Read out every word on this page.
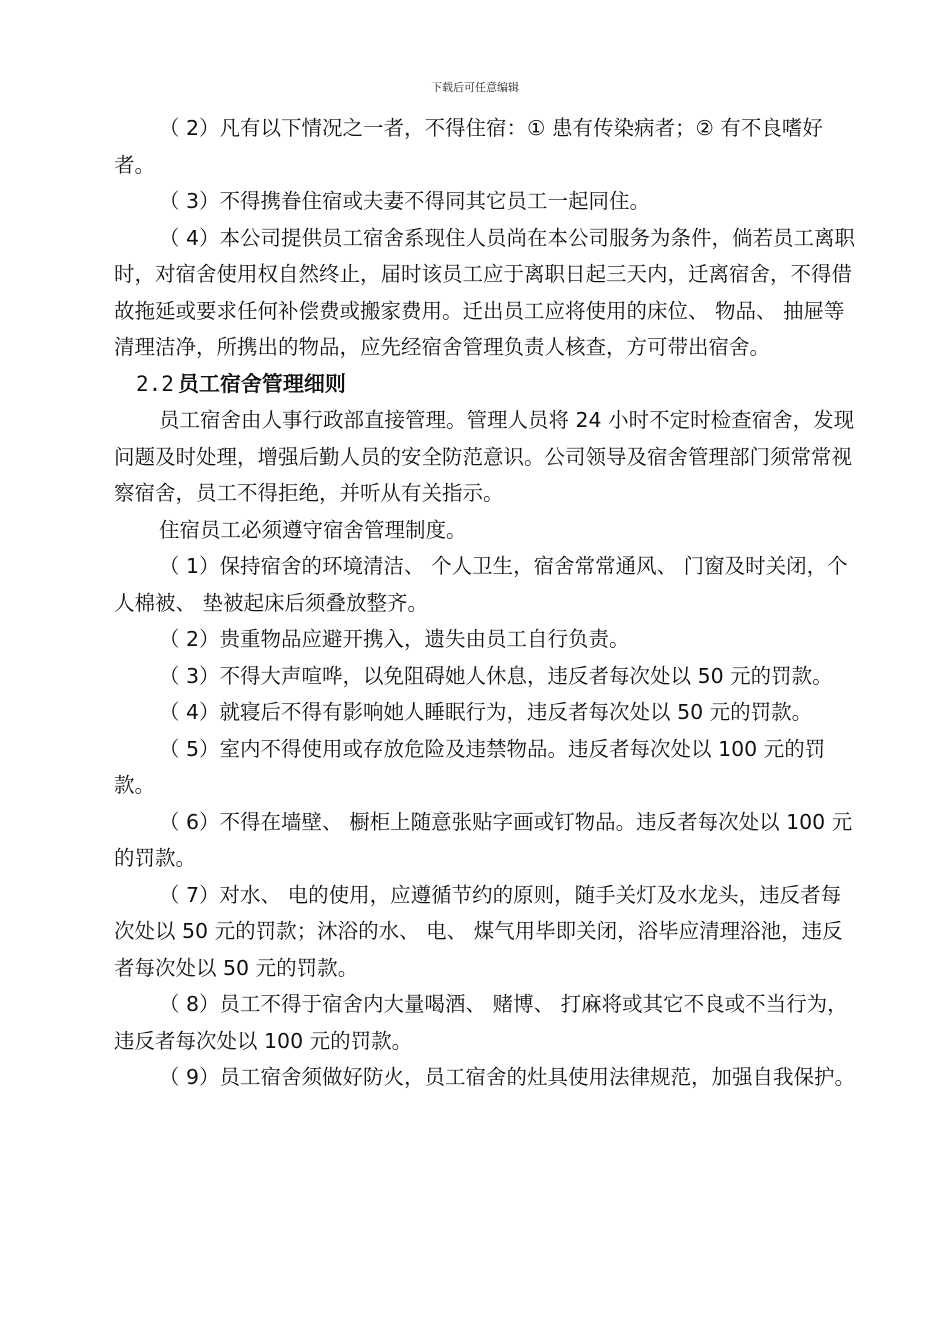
下载后可任意编辑

（ 2）凡有以下情况之一者，不得住宿：① 患有传染病者；② 有不良嗜好者。

（ 3）不得携眷住宿或夫妻不得同其它员工一起同住。

（ 4）本公司提供员工宿舍系现住人员尚在本公司服务为条件，倘若员工离职时，对宿舍使用权自然终止，届时该员工应于离职日起三天内，迁离宿舍，不得借故拖延或要求任何补偿费或搬家费用。迁出员工应将使用的床位、 物品、 抽屉等清理洁净，所携出的物品，应先经宿舍管理负责人核查，方可带出宿舍。

2.2 员工宿舍管理细则

员工宿舍由人事行政部直接管理。管理人员将 24 小时不定时检查宿舍，发现问题及时处理，增强后勤人员的安全防范意识。公司领导及宿舍管理部门须常常视察宿舍，员工不得拒绝，并听从有关指示。

住宿员工必须遵守宿舍管理制度。

（ 1）保持宿舍的环境清洁、 个人卫生，宿舍常常通风、 门窗及时关闭，个人棉被、 垫被起床后须叠放整齐。

（ 2）贵重物品应避开携入，遗失由员工自行负责。

（ 3）不得大声喧哗，以免阻碍她人休息，违反者每次处以 50 元的罚款。

（ 4）就寝后不得有影响她人睡眠行为，违反者每次处以 50 元的罚款。

（ 5）室内不得使用或存放危险及违禁物品。违反者每次处以 100 元的罚款。

（ 6）不得在墙壁、 橱柜上随意张贴字画或钉物品。违反者每次处以 100 元的罚款。

（ 7）对水、 电的使用，应遵循节约的原则，随手关灯及水龙头，违反者每次处以 50 元的罚款；沐浴的水、 电、 煤气用毕即关闭，浴毕应清理浴池，违反者每次处以 50 元的罚款。

（ 8）员工不得于宿舍内大量喝酒、 赌博、 打麻将或其它不良或不当行为，违反者每次处以 100 元的罚款。

（ 9）员工宿舍须做好防火，员工宿舍的灶具使用法律规范，加强自我保护。
